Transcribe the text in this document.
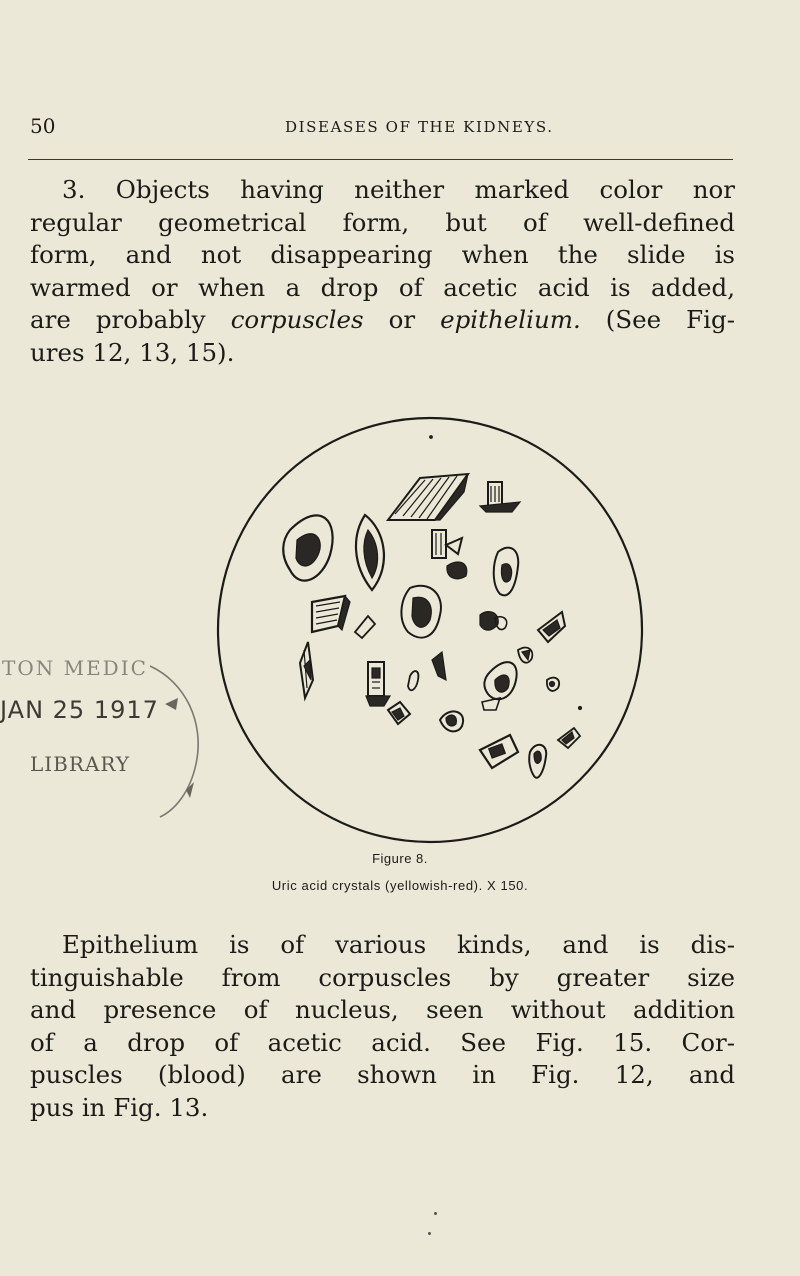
50	DISEASES OF THE KIDNEYS.

3. Objects having neither marked color nor
regular geometrical form, but of well-defined
form, and not disappearing when the slide is
warmed or when a drop of acetic acid is added,
are probably corpuscles or epithelium. (See Fig-
ures 12, 13, 15).

TON MEDIC
JAN 25 1917
LIBRARY
Figure 8.
Uric acid crystals (yellowish-red). X 150.

Epithelium is of various kinds, and is dis-
tinguishable from corpuscles by greater size
and presence of nucleus, seen without addition
of a drop of acetic acid. See Fig. 15. Cor-
puscles (blood) are shown in Fig. 12, and
pus in Fig. 13.
